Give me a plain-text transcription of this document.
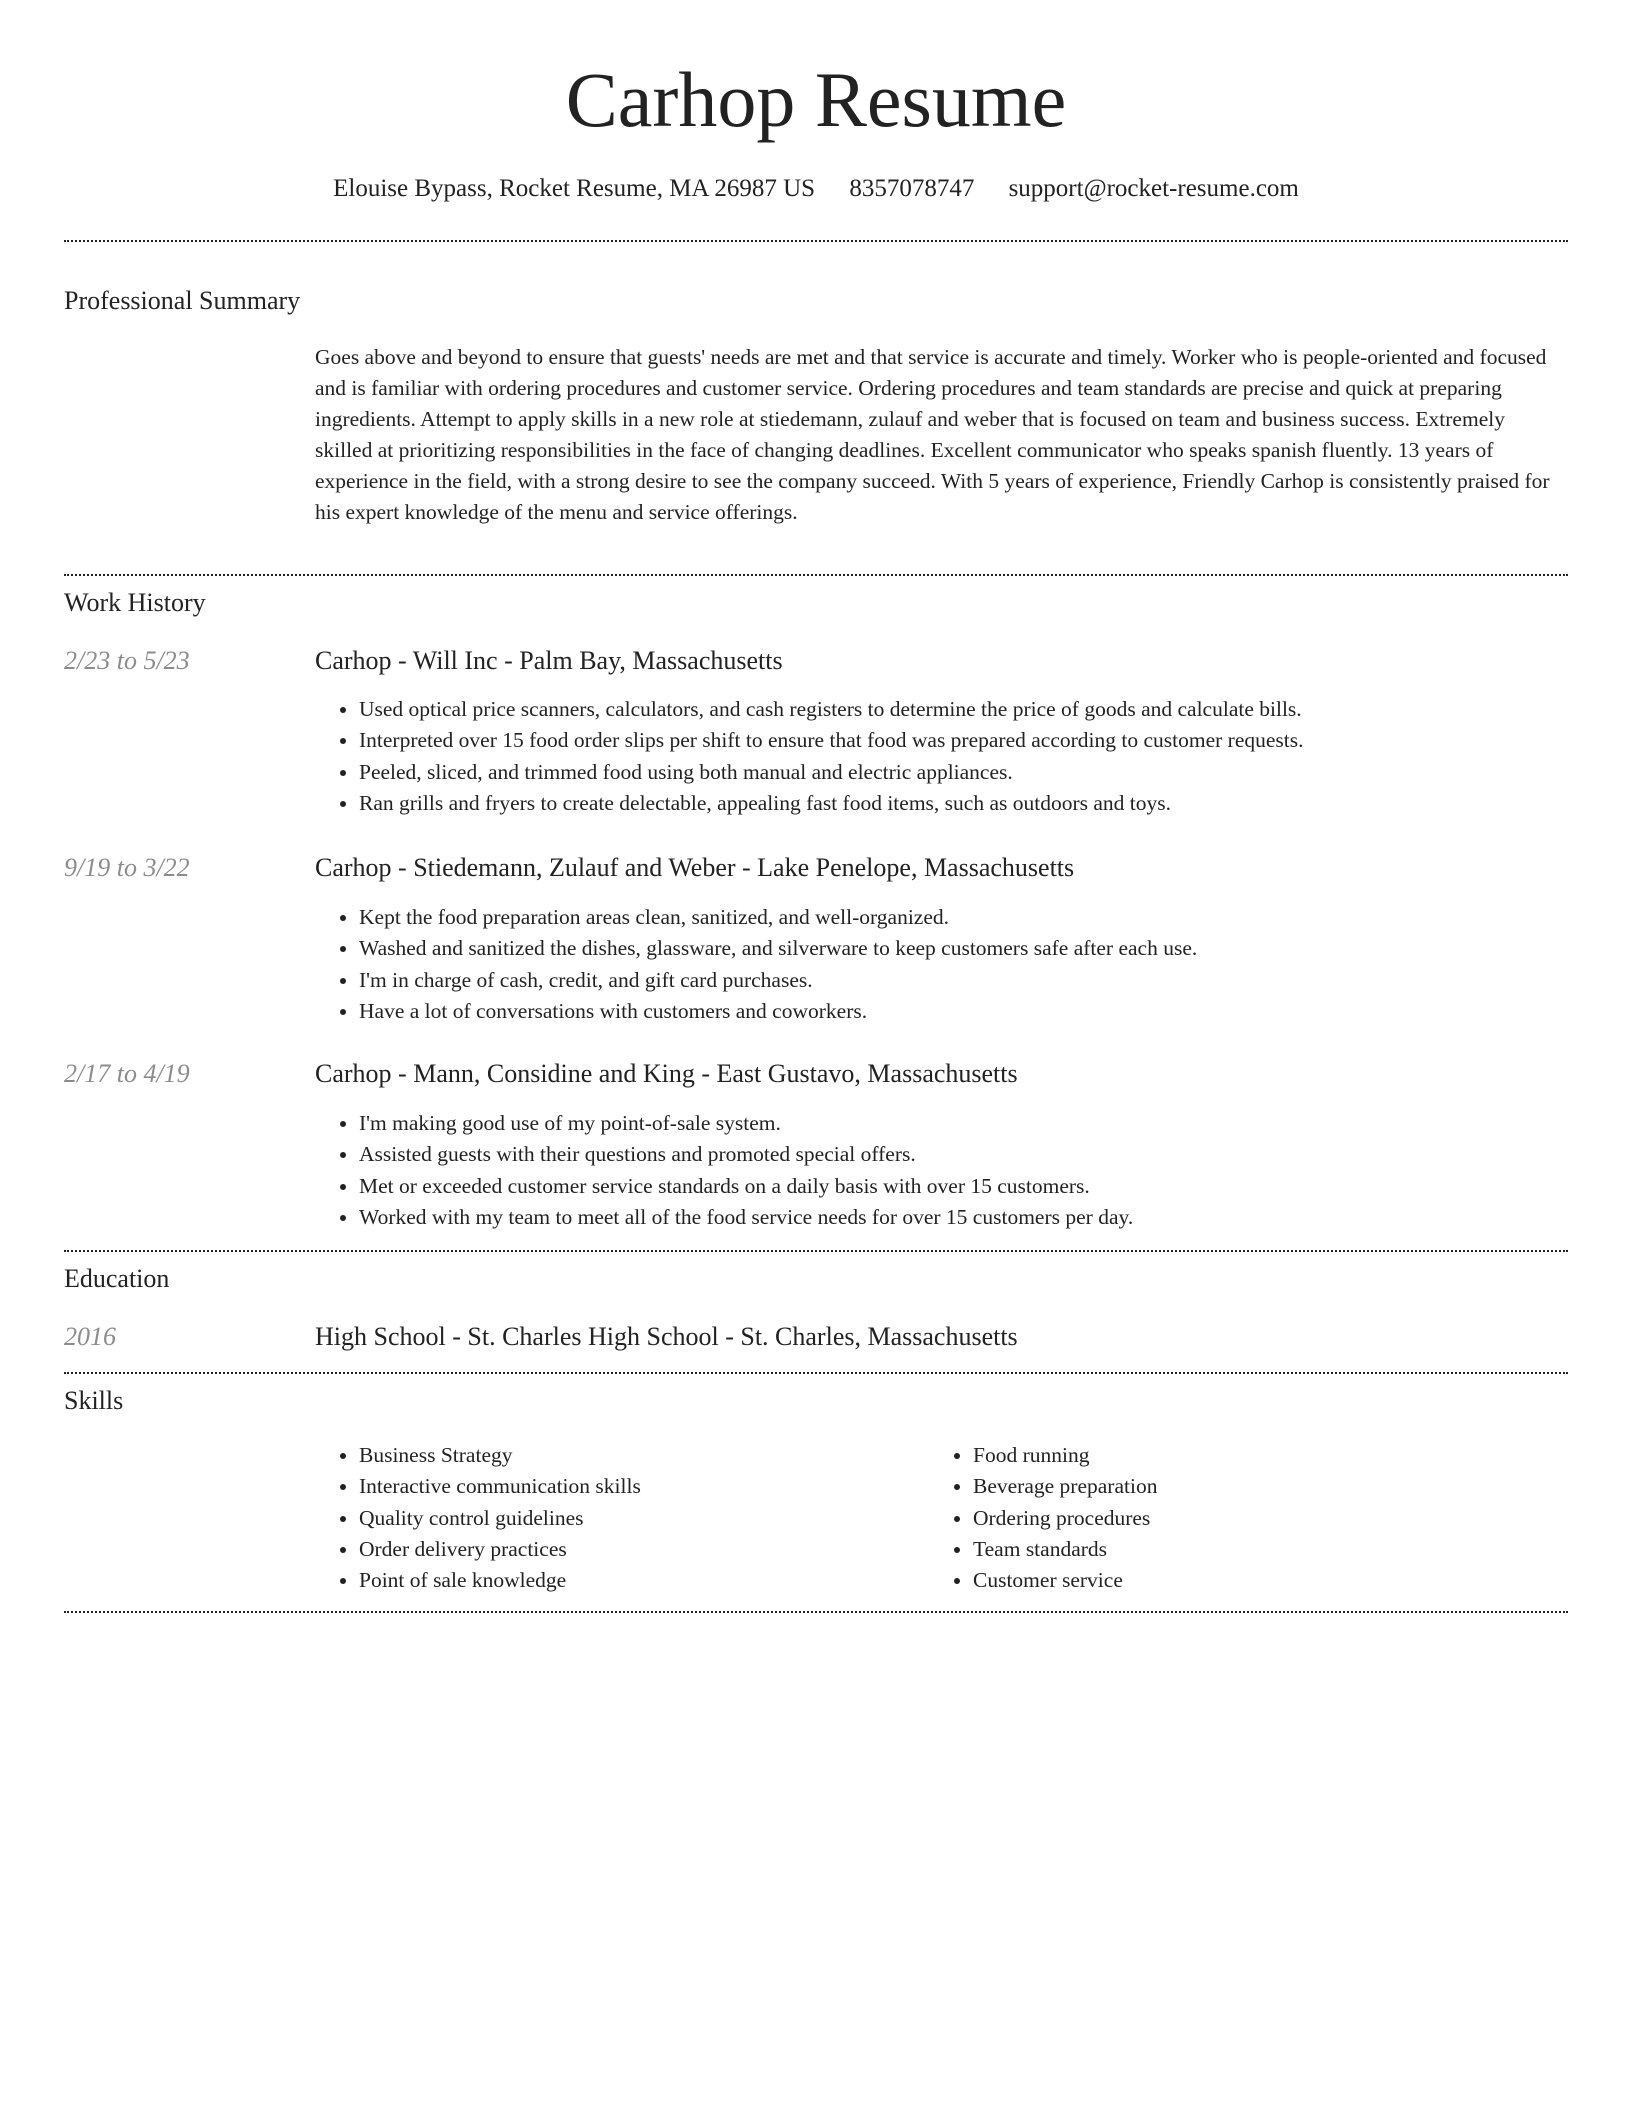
Carhop Resume
Elouise Bypass, Rocket Resume, MA 26987 US 8357078747 support@rocket-resume.com
Professional Summary
Goes above and beyond to ensure that guests' needs are met and that service is accurate and timely. Worker who is people-oriented and focused and is familiar with ordering procedures and customer service. Ordering procedures and team standards are precise and quick at preparing ingredients. Attempt to apply skills in a new role at stiedemann, zulauf and weber that is focused on team and business success. Extremely skilled at prioritizing responsibilities in the face of changing deadlines. Excellent communicator who speaks spanish fluently. 13 years of experience in the field, with a strong desire to see the company succeed. With 5 years of experience, Friendly Carhop is consistently praised for his expert knowledge of the menu and service offerings.
Work History
2/23 to 5/23	Carhop - Will Inc - Palm Bay, Massachusetts
• Used optical price scanners, calculators, and cash registers to determine the price of goods and calculate bills.
• Interpreted over 15 food order slips per shift to ensure that food was prepared according to customer requests.
• Peeled, sliced, and trimmed food using both manual and electric appliances.
• Ran grills and fryers to create delectable, appealing fast food items, such as outdoors and toys.
9/19 to 3/22	Carhop - Stiedemann, Zulauf and Weber - Lake Penelope, Massachusetts
• Kept the food preparation areas clean, sanitized, and well-organized.
• Washed and sanitized the dishes, glassware, and silverware to keep customers safe after each use.
• I'm in charge of cash, credit, and gift card purchases.
• Have a lot of conversations with customers and coworkers.
2/17 to 4/19	Carhop - Mann, Considine and King - East Gustavo, Massachusetts
• I'm making good use of my point-of-sale system.
• Assisted guests with their questions and promoted special offers.
• Met or exceeded customer service standards on a daily basis with over 15 customers.
• Worked with my team to meet all of the food service needs for over 15 customers per day.
Education
2016	High School - St. Charles High School - St. Charles, Massachusetts
Skills
• Business Strategy
• Interactive communication skills
• Quality control guidelines
• Order delivery practices
• Point of sale knowledge
• Food running
• Beverage preparation
• Ordering procedures
• Team standards
• Customer service
